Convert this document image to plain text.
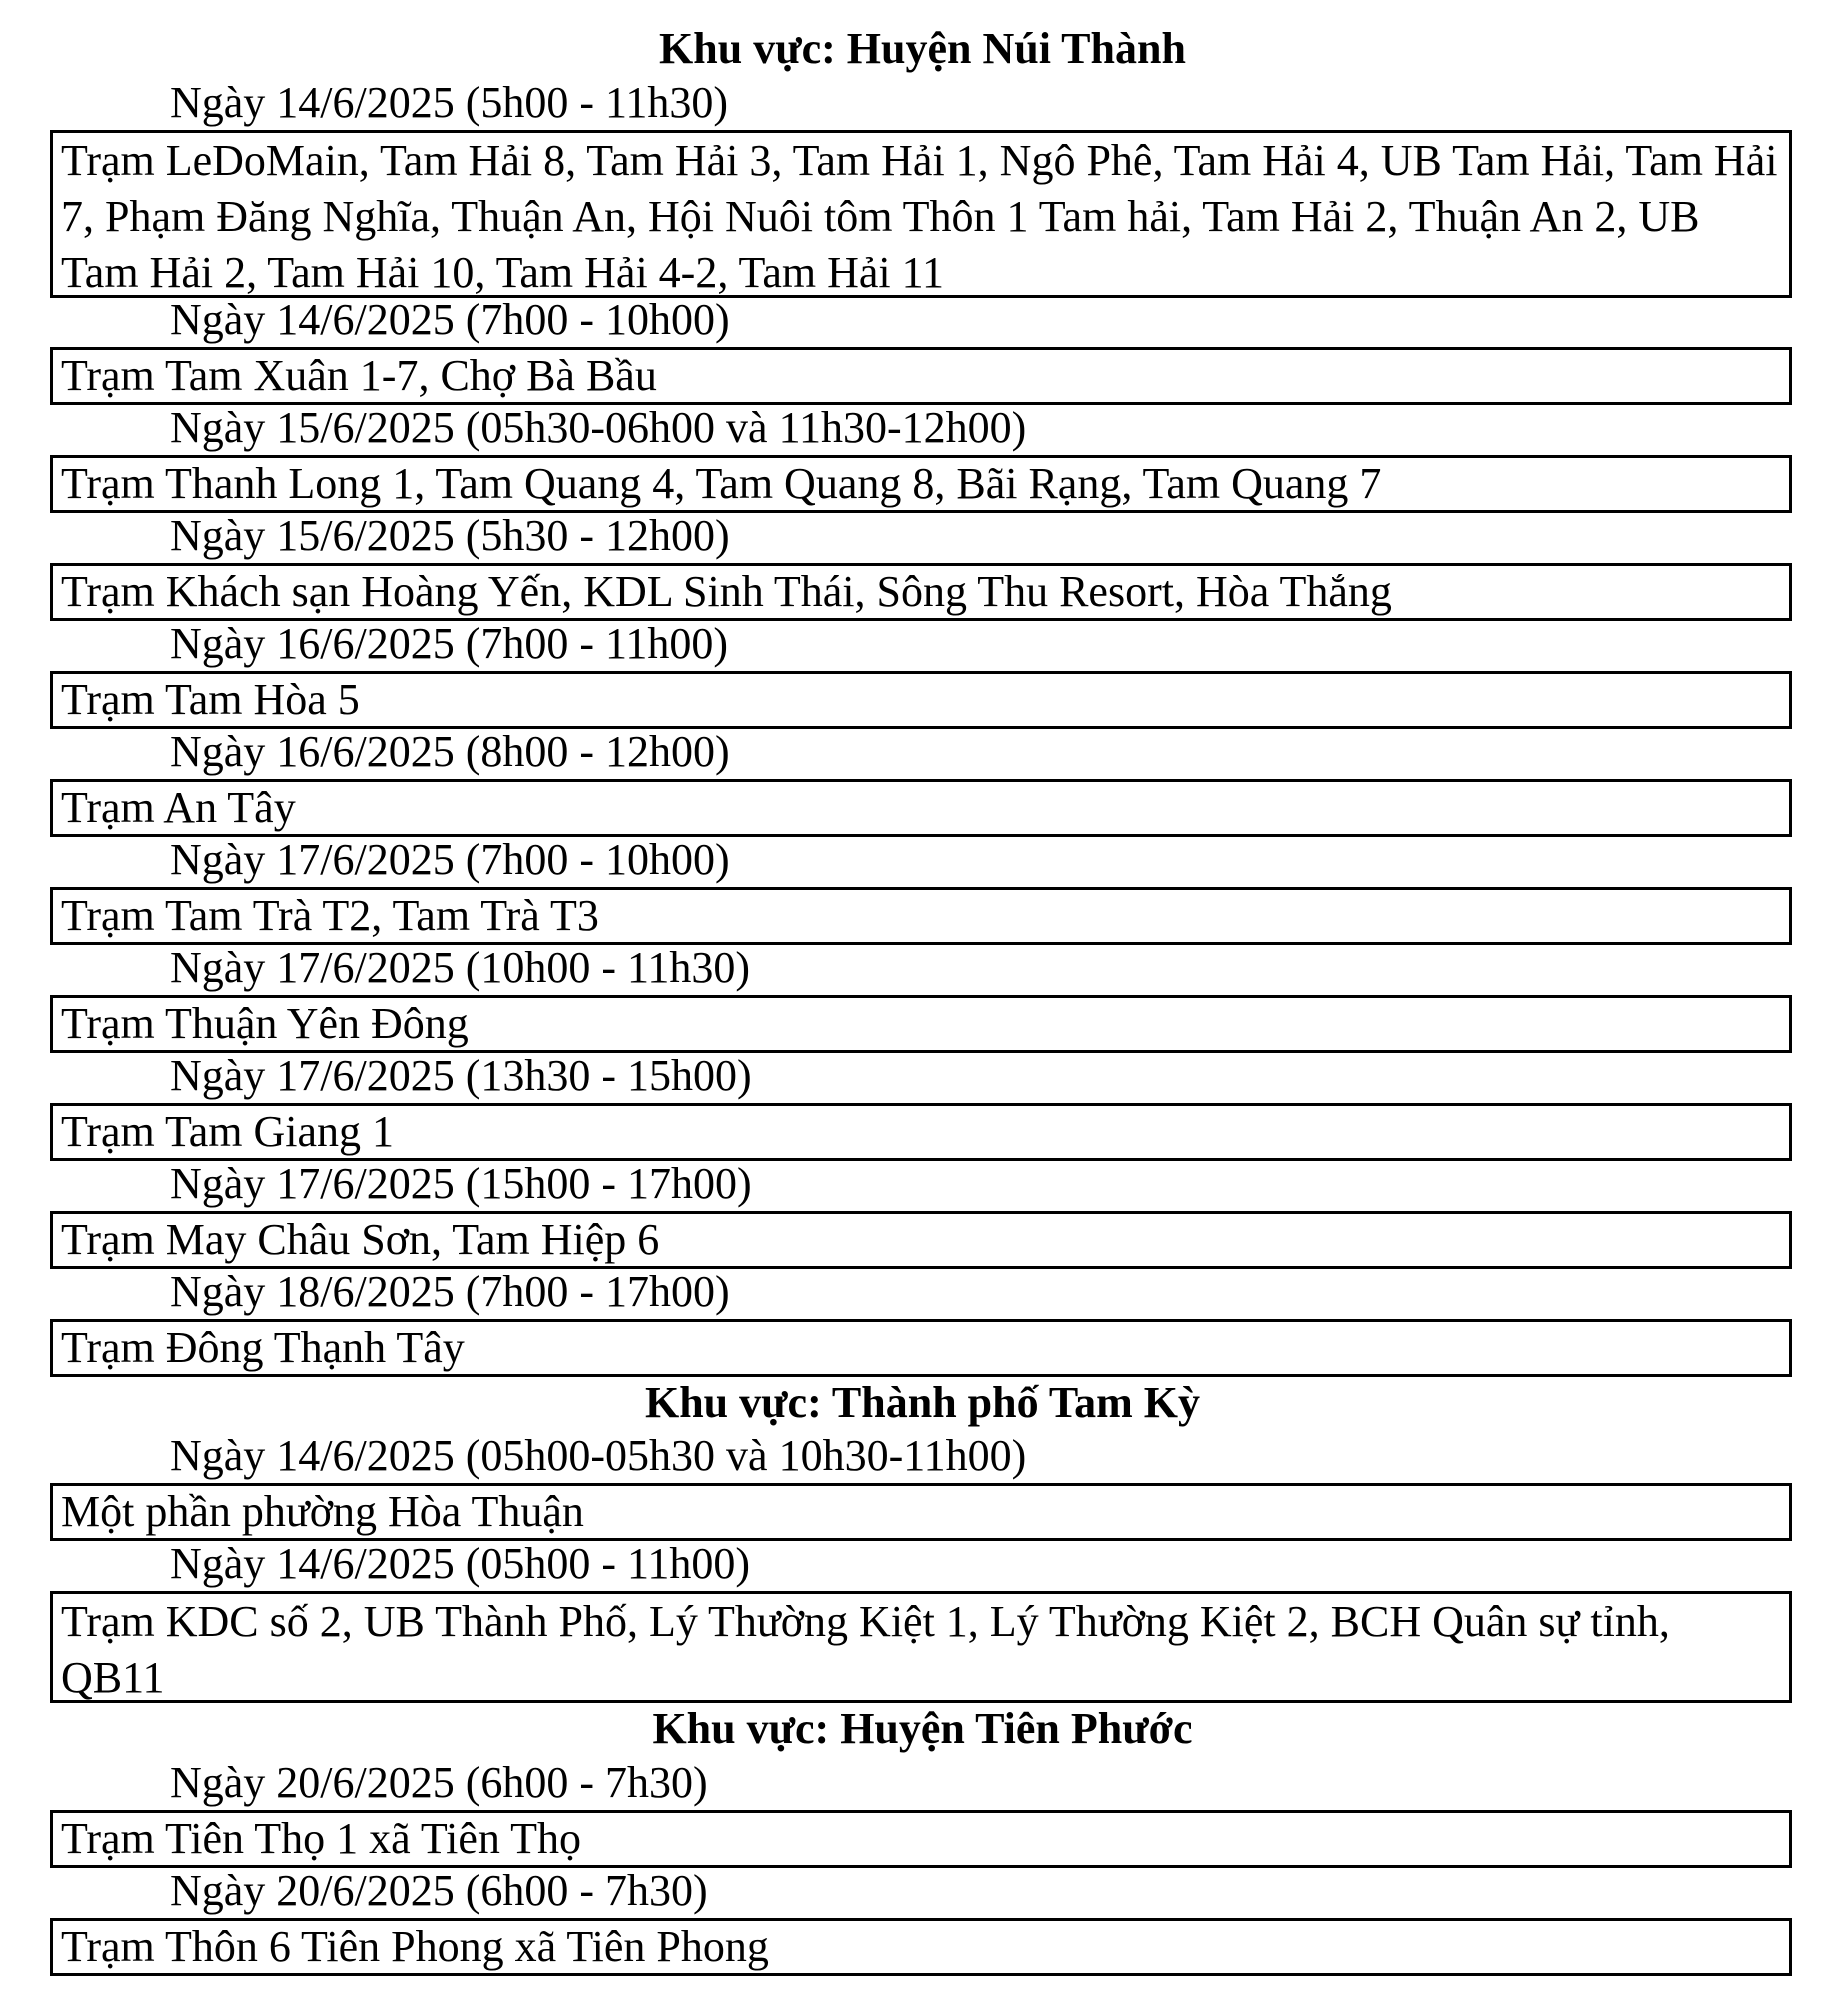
Khu vực: Huyện Núi Thành
Ngày 14/6/2025 (5h00 - 11h30)
Trạm LeDoMain, Tam Hải 8, Tam Hải 3, Tam Hải 1, Ngô Phê, Tam Hải 4, UB Tam Hải, Tam Hải 7, Phạm Đăng Nghĩa, Thuận An, Hội Nuôi tôm Thôn 1 Tam hải, Tam Hải 2, Thuận An 2, UB Tam Hải 2, Tam Hải 10, Tam Hải 4-2, Tam Hải 11
Ngày 14/6/2025 (7h00 - 10h00)
Trạm Tam Xuân 1-7, Chợ Bà Bầu
Ngày 15/6/2025 (05h30-06h00 và 11h30-12h00)
Trạm Thanh Long 1, Tam Quang 4, Tam Quang 8, Bãi Rạng, Tam Quang 7
Ngày 15/6/2025 (5h30 - 12h00)
Trạm Khách sạn Hoàng Yến, KDL Sinh Thái, Sông Thu Resort, Hòa Thắng
Ngày 16/6/2025 (7h00 - 11h00)
Trạm Tam Hòa 5
Ngày 16/6/2025 (8h00 - 12h00)
Trạm An Tây
Ngày 17/6/2025 (7h00 - 10h00)
Trạm Tam Trà T2, Tam Trà T3
Ngày 17/6/2025 (10h00 - 11h30)
Trạm Thuận Yên Đông
Ngày 17/6/2025 (13h30 - 15h00)
Trạm Tam Giang 1
Ngày 17/6/2025 (15h00 - 17h00)
Trạm May Châu Sơn, Tam Hiệp 6
Ngày 18/6/2025 (7h00 - 17h00)
Trạm Đông Thạnh Tây
Khu vực: Thành phố Tam Kỳ
Ngày 14/6/2025 (05h00-05h30 và 10h30-11h00)
Một phần phường Hòa Thuận
Ngày 14/6/2025 (05h00 - 11h00)
Trạm KDC số 2, UB Thành Phố, Lý Thường Kiệt 1, Lý Thường Kiệt 2, BCH Quân sự tỉnh, QB11
Khu vực: Huyện Tiên Phước
Ngày 20/6/2025 (6h00 - 7h30)
Trạm Tiên Thọ 1 xã Tiên Thọ
Ngày 20/6/2025 (6h00 - 7h30)
Trạm Thôn 6 Tiên Phong xã Tiên Phong
